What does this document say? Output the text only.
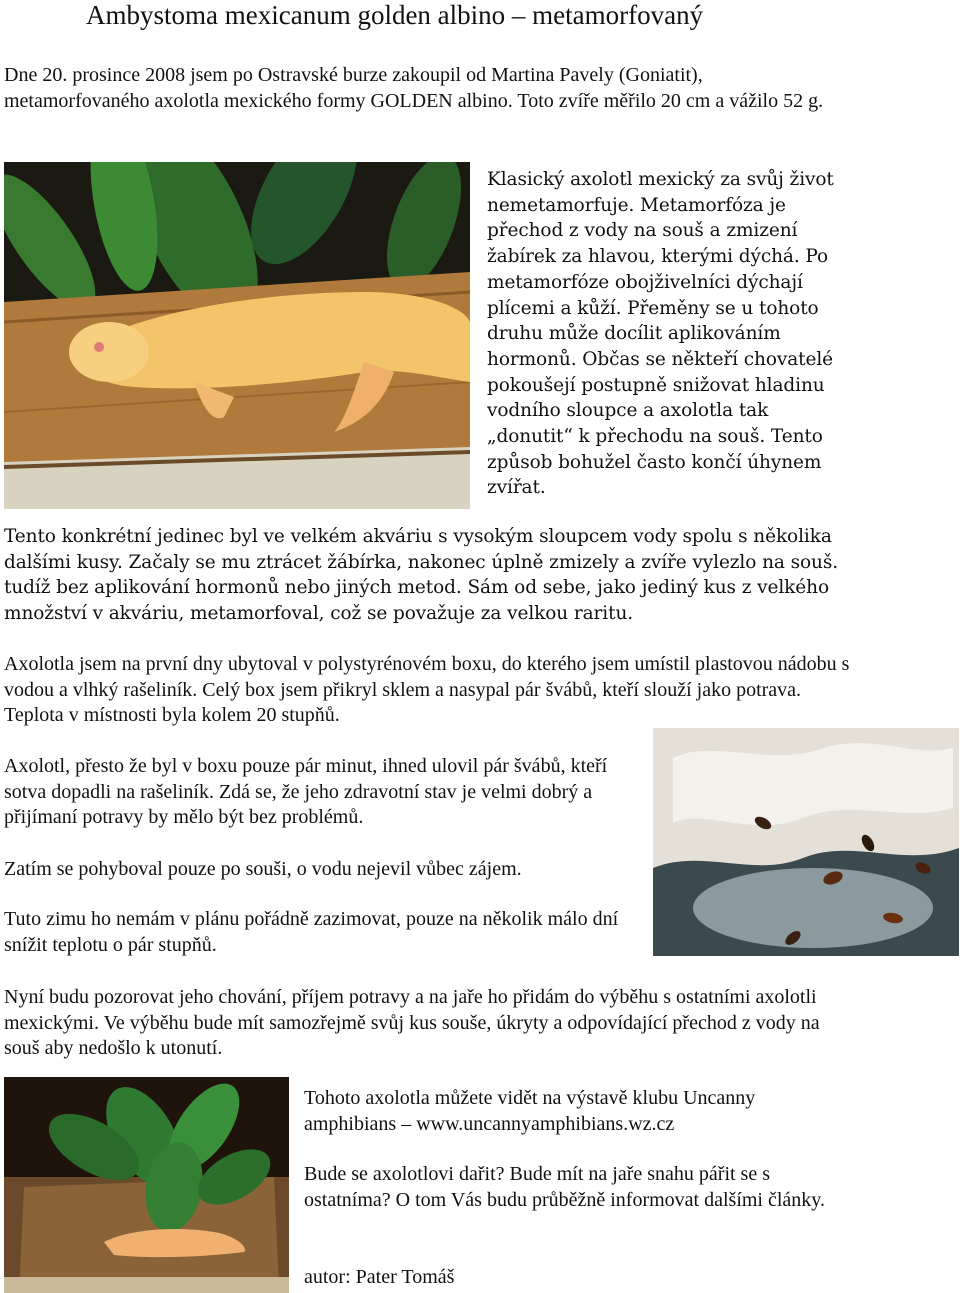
Ambystoma mexicanum golden albino – metamorfovaný

Dne 20. prosince 2008 jsem po Ostravské burze zakoupil od Martina Pavely (Goniatit), metamorfovaného axolotla mexického formy GOLDEN albino. Toto zvíře měřilo 20 cm a vážilo 52 g.

Klasický axolotl mexický za svůj život nemetamorfuje. Metamorfóza je přechod z vody na souš a zmizení žabírek za hlavou, kterými dýchá. Po metamorfóze obojživelníci dýchají plícemi a kůží. Přeměny se u tohoto druhu může docílit aplikováním hormonů. Občas se někteří chovatelé pokoušejí postupně snižovat hladinu vodního sloupce a axolotla tak „donutit“ k přechodu na souš. Tento způsob bohužel často končí úhynem zvířat.

Tento konkrétní jedinec byl ve velkém akváriu s vysokým sloupcem vody spolu s několika dalšími kusy. Začaly se mu ztrácet žábírka, nakonec úplně zmizely a zvíře vylezlo na souš. tudíž bez aplikování hormonů nebo jiných metod. Sám od sebe, jako jediný kus z velkého množství v akváriu, metamorfoval, což se považuje za velkou raritu.

Axolotla jsem na první dny ubytoval v polystyrénovém boxu, do kterého jsem umístil plastovou nádobu s vodou a vlhký rašeliník. Celý box jsem přikryl sklem a nasypal pár švábů, kteří slouží jako potrava. Teplota v místnosti byla kolem 20 stupňů.

Axolotl, přesto že byl v boxu pouze pár minut, ihned ulovil pár švábů, kteří sotva dopadli na rašeliník. Zdá se, že jeho zdravotní stav je velmi dobrý a přijímaní potravy by mělo být bez problémů.

Zatím se pohyboval pouze po souši, o vodu nejevil vůbec zájem.

Tuto zimu ho nemám v plánu pořádně zazimovat, pouze na několik málo dní snížit teplotu o pár stupňů.

Nyní budu pozorovat jeho chování, příjem potravy a na jaře ho přidám do výběhu s ostatními axolotli mexickými. Ve výběhu bude mít samozřejmě svůj kus souše, úkryty a odpovídající přechod z vody na souš aby nedošlo k utonutí.

Tohoto axolotla můžete vidět na výstavě klubu Uncanny amphibians – www.uncannyamphibians.wz.cz

Bude se axolotlovi dařit? Bude mít na jaře snahu pářit se s ostatníma? O tom Vás budu průběžně informovat dalšími články.

autor: Pater Tomáš
